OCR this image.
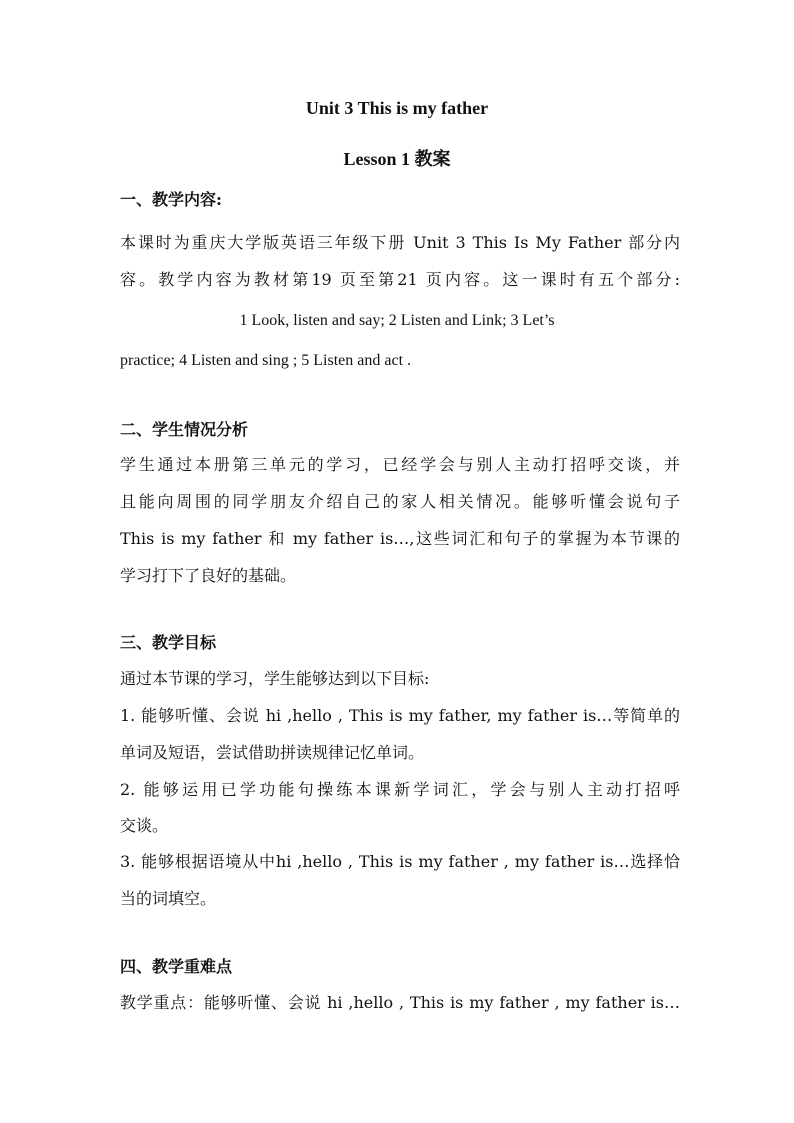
Unit 3 This is my father
Lesson 1 教案
一、教学内容:
本课时为重庆大学版英语三年级下册 Unit 3 This Is My Father 部分内
容。教学内容为教材第19 页至第21 页内容。这一课时有五个部分:
1 Look, listen and say; 2 Listen and Link; 3 Let’s
practice; 4 Listen and sing ; 5 Listen and act .
二、学生情况分析
学生通过本册第三单元的学习，已经学会与别人主动打招呼交谈，并
且能向周围的同学朋友介绍自己的家人相关情况。能够听懂会说句子
This is my father 和 my father is…,这些词汇和句子的掌握为本节课的
学习打下了良好的基础。
三、教学目标
通过本节课的学习，学生能够达到以下目标:
1. 能够听懂、会说 hi ,hello , This is my father, my father is…等简单的
单词及短语，尝试借助拼读规律记忆单词。
2. 能够运用已学功能句操练本课新学词汇，学会与别人主动打招呼
交谈。
3. 能够根据语境从中hi ,hello , This is my father , my father is…选择恰
当的词填空。
四、教学重难点
教学重点：能够听懂、会说 hi ,hello , This is my father , my father is…
